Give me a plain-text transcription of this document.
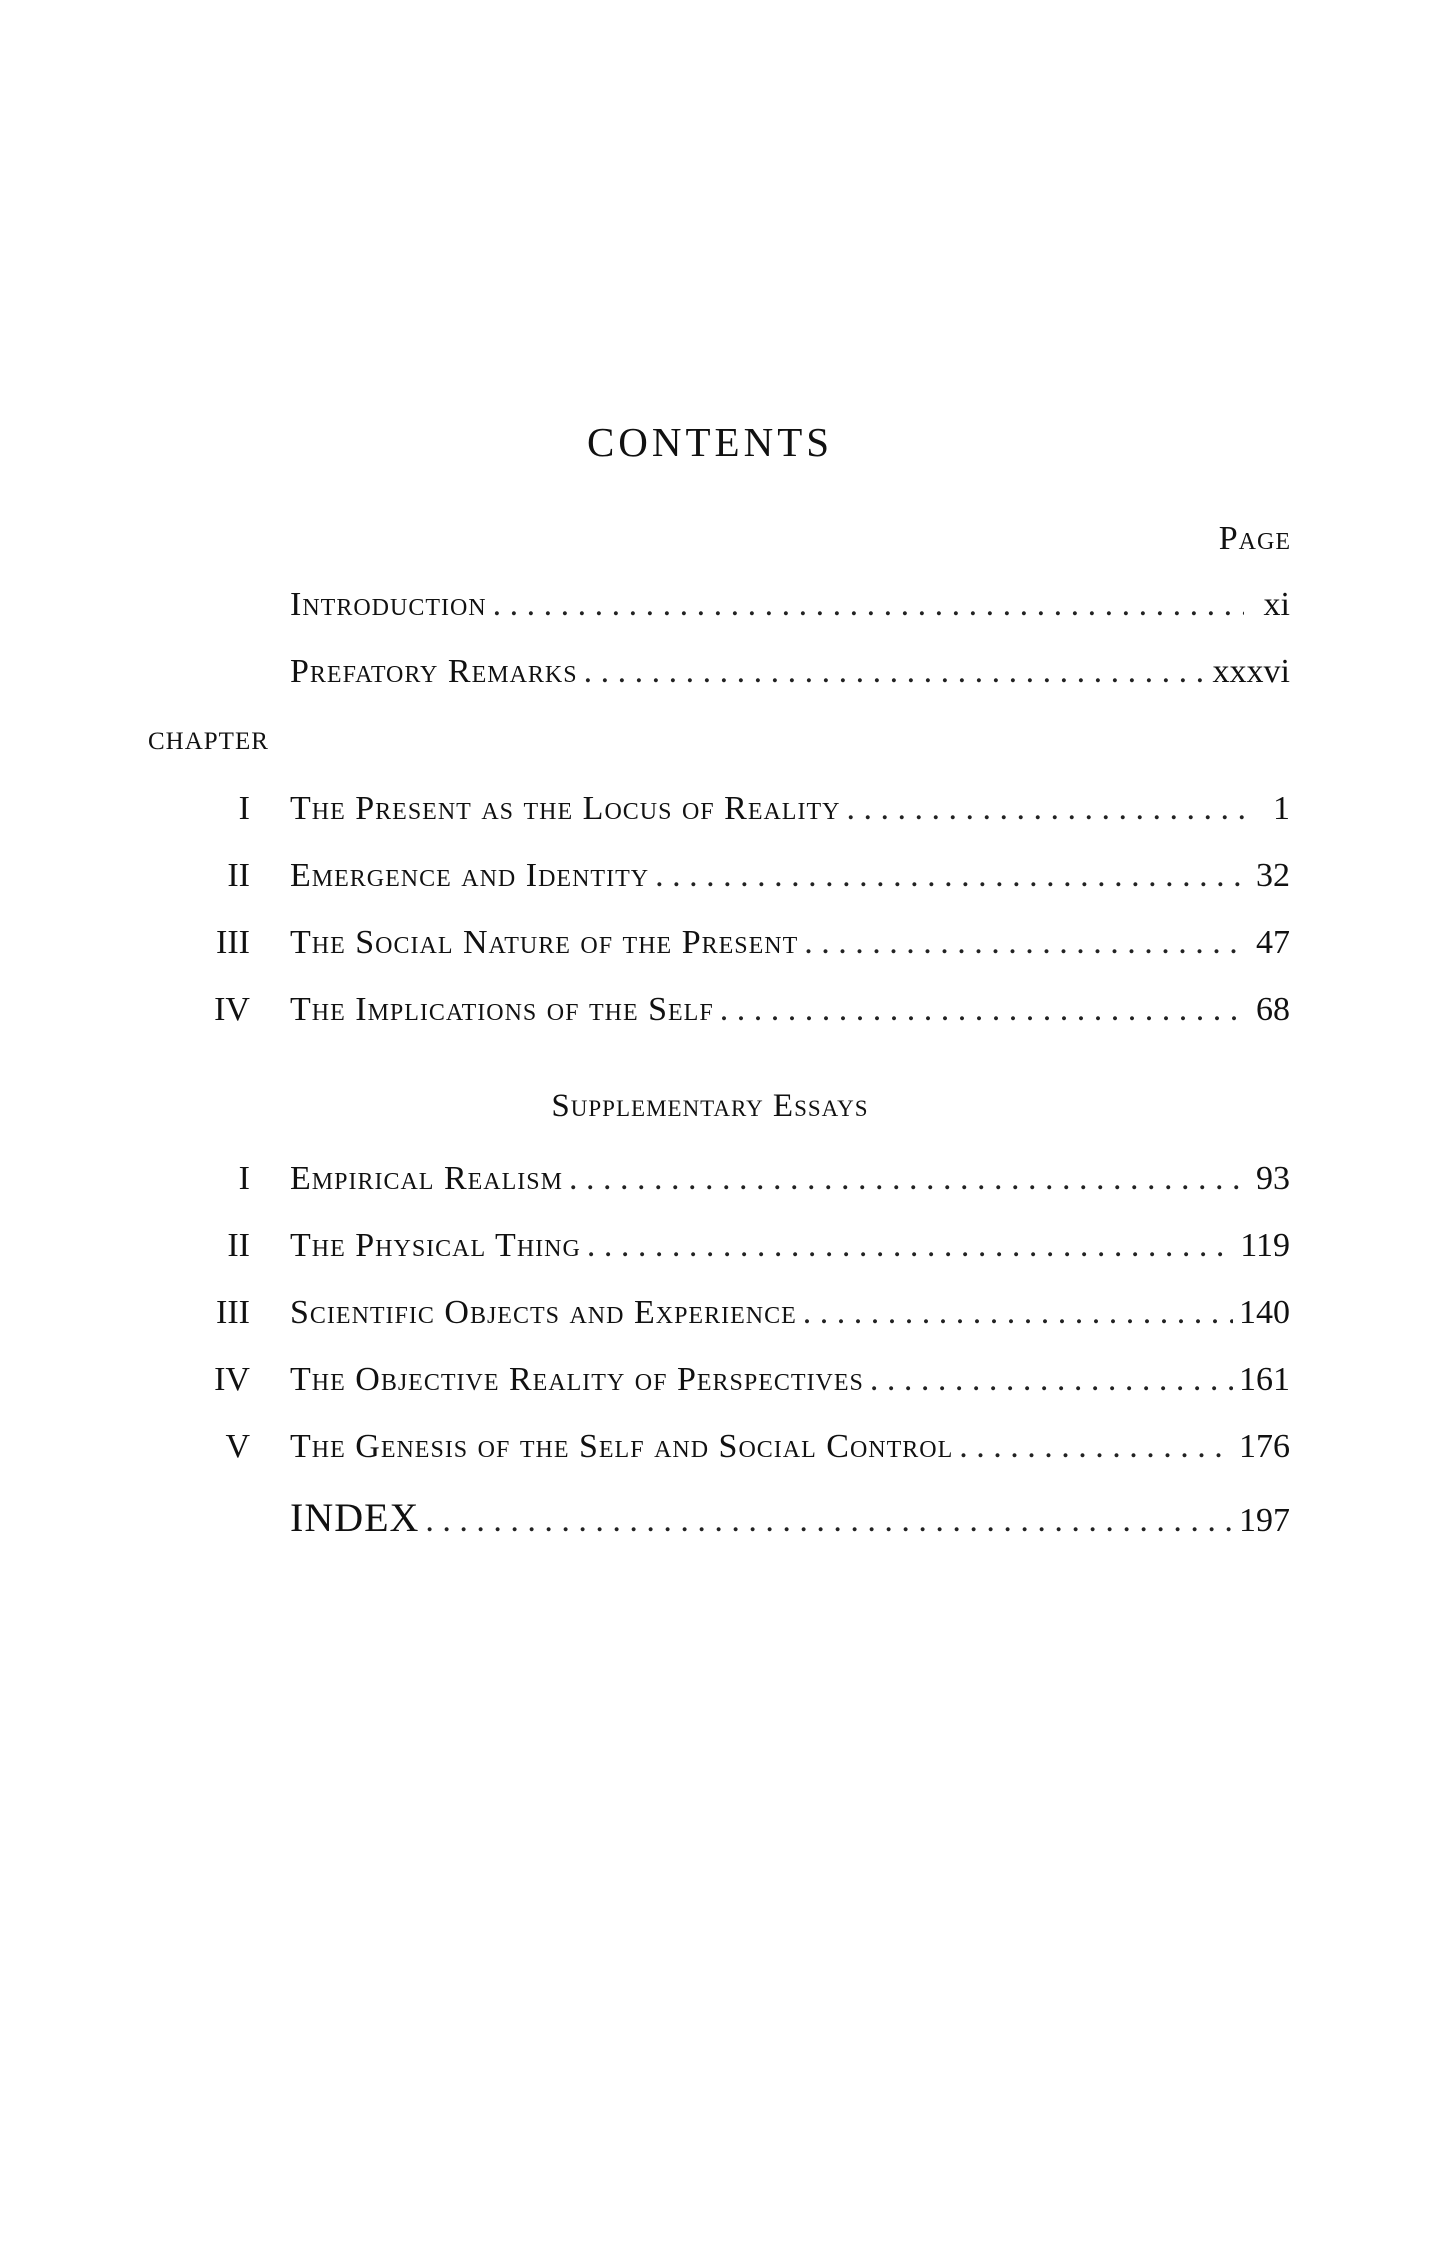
CONTENTS
Page
Introduction . . .	xi
Prefatory Remarks . . .	xxxvi
CHAPTER
I The Present as the Locus of Reality . . .	1
II Emergence and Identity . . .	32
III The Social Nature of the Present . . .	47
IV The Implications of the Self . . .	68
Supplementary Essays
I Empirical Realism . . .	93
II The Physical Thing . . .	119
III Scientific Objects and Experience . . .	140
IV The Objective Reality of Perspectives . . .	161
V The Genesis of the Self and Social Control . . .	176
INDEX . . .	197
